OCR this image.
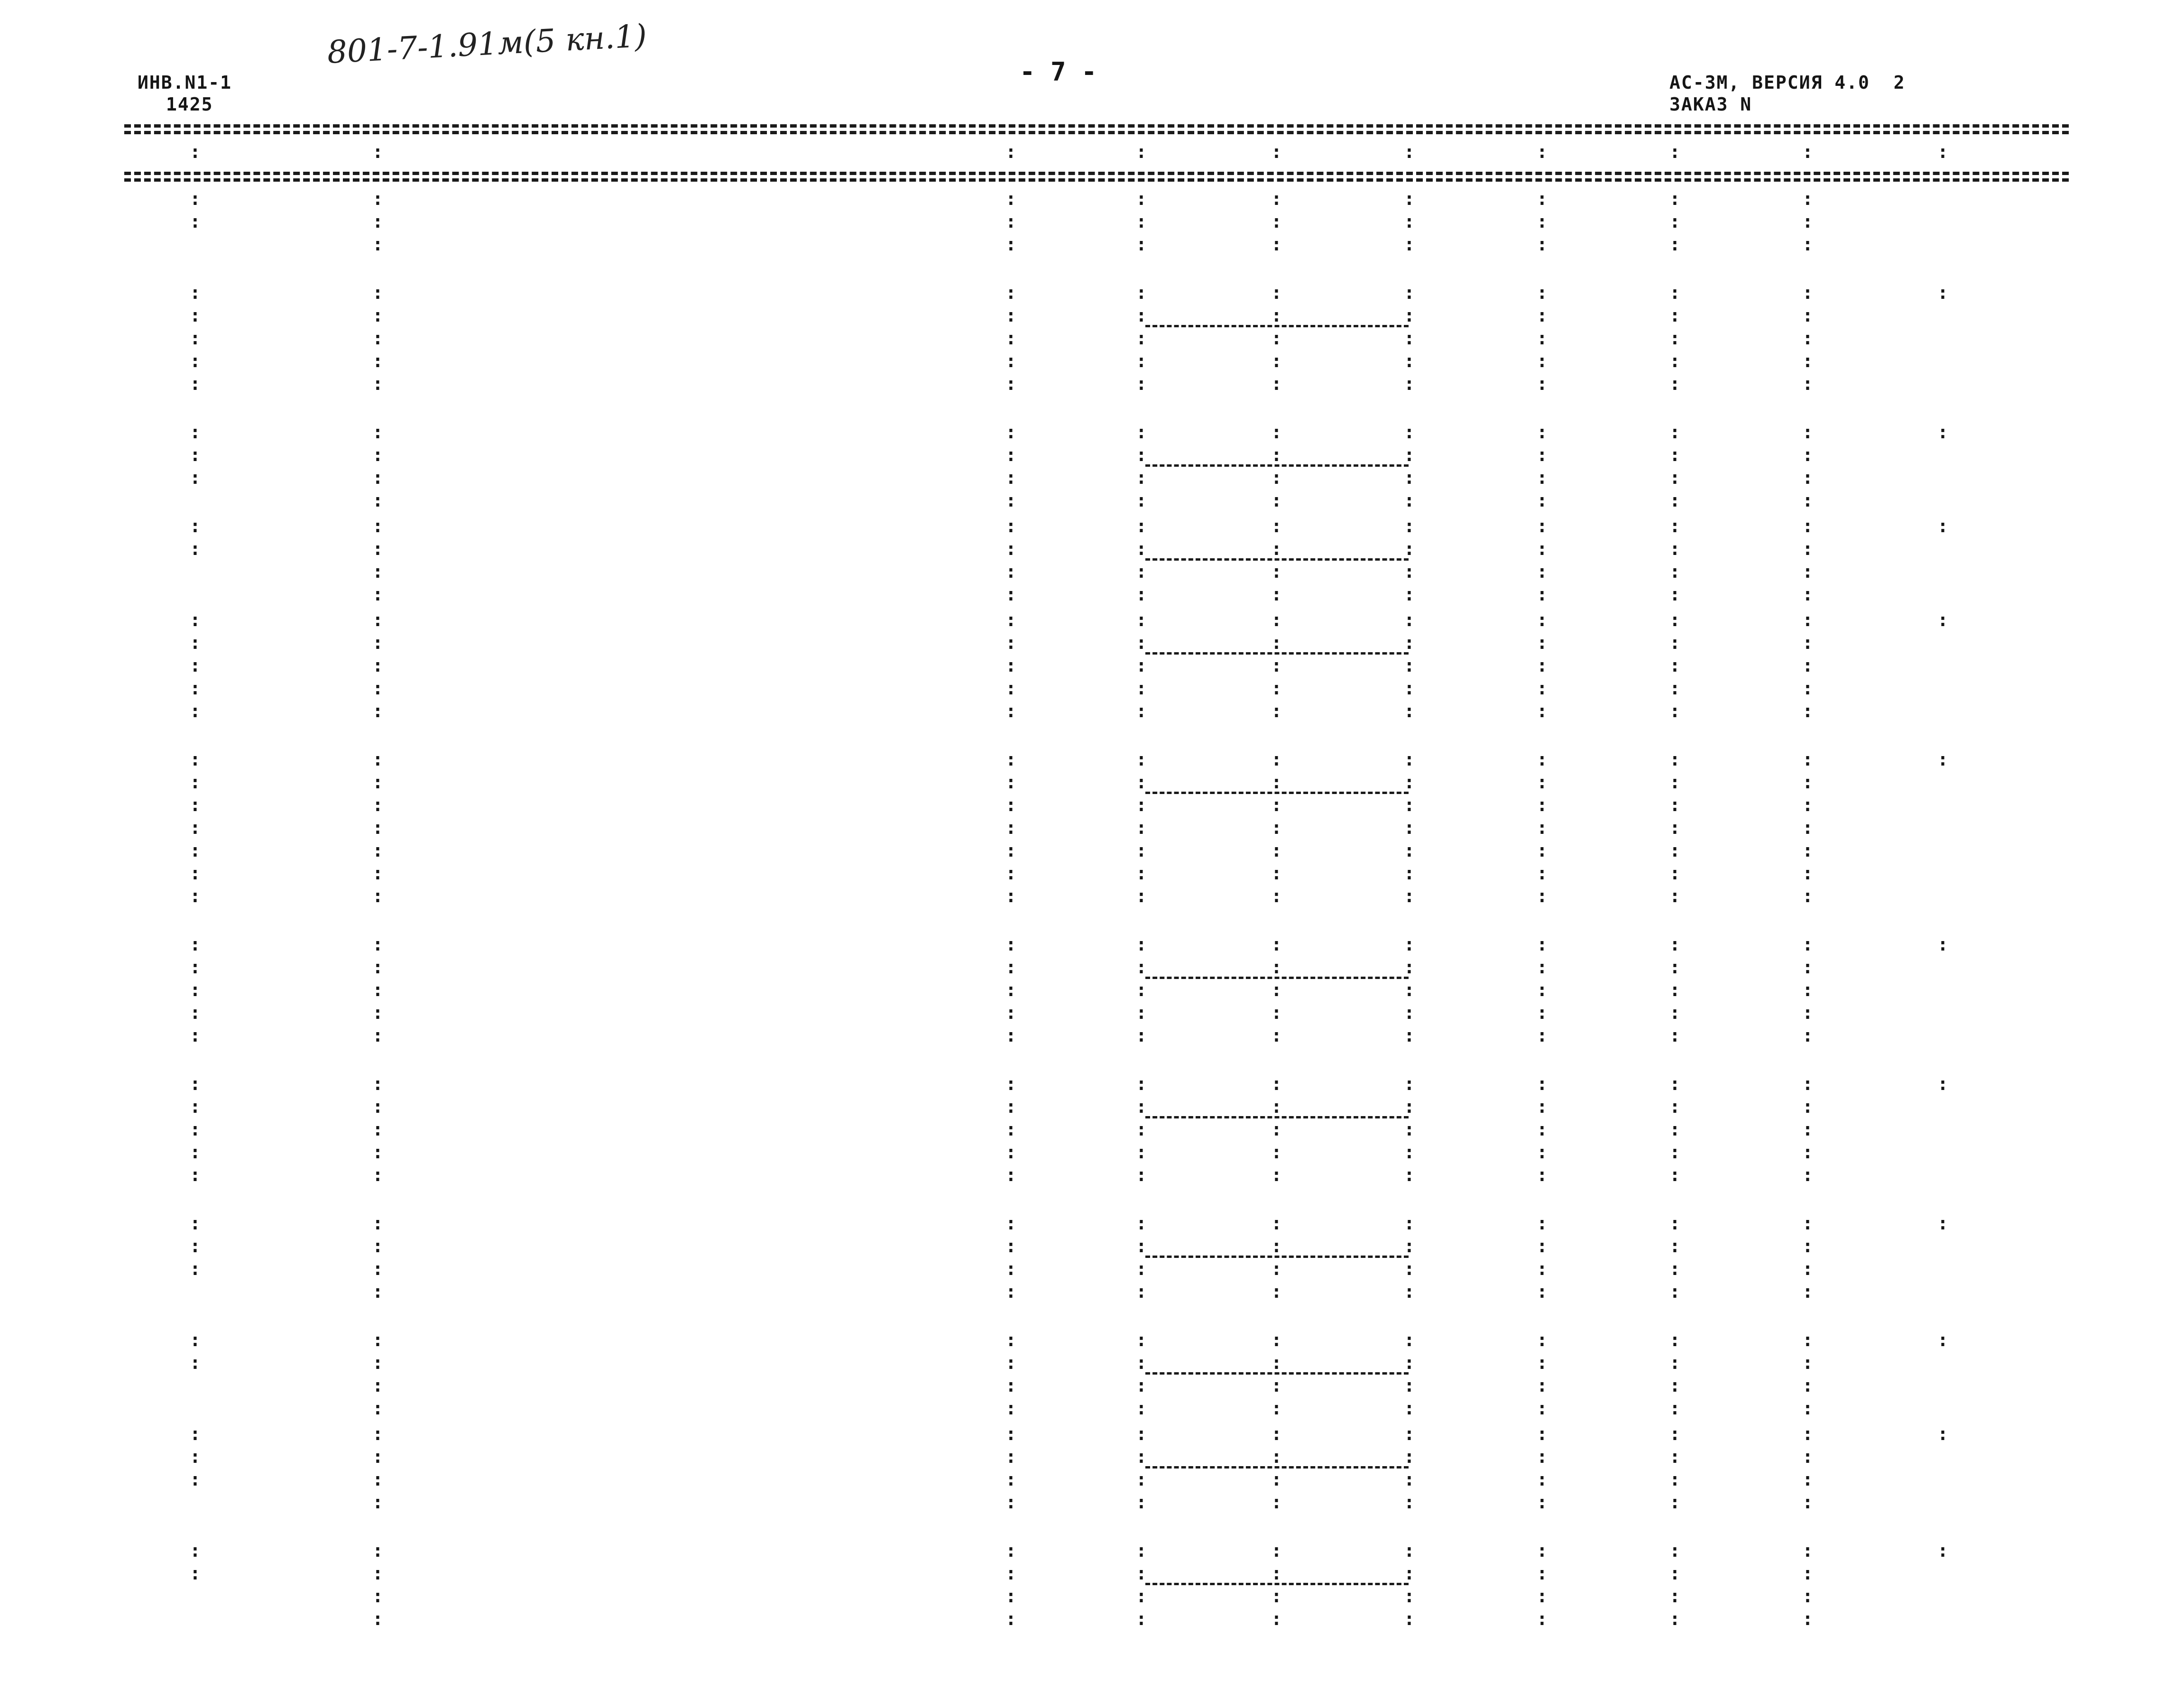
ИНВ.N1-1
1425
801-7-1.91м(5 кн.1)
- 7 -	АС-3М, ВЕРСИЯ 4.0  2
ЗАКАЗ N
:	:	:	:	:	:	:	:	:	:
:
:
:	:	:	:	:	:	:	:
:	:	:	:	:	:	:	:
:	:	:	:	:	:	:	:
:	:	:	:	:	:	:	:	:	:
:
:
:
:
:	:	:	:	:	:	:	:
:	:	:	:	:	:	:	:
:	:	:	:	:	:	:	:
:	:	:	:	:	:	:	:
:	:	:	:	:	:	:	:	:	:
:
:
:	:	:	:	:	:	:	:
:	:	:	:	:	:	:	:
:	:	:	:	:	:	:	:
:	:	:	:	:	:	:	:	:	:
:	:	:	:	:	:	:	:	:
:	:	:	:	:	:	:	:
:	:	:	:	:	:	:	:
:	:	:	:	:	:	:	:	:	:
:
:
:
:
:	:	:	:	:	:	:	:
:	:	:	:	:	:	:	:
:	:	:	:	:	:	:	:
:	:	:	:	:	:	:	:
:	:	:	:	:	:	:	:	:	:
:
:
:
:
:
:
:	:	:	:	:	:	:	:
:	:	:	:	:	:	:	:
:	:	:	:	:	:	:	:
:	:	:	:	:	:	:	:
:	:	:	:	:	:	:	:
:	:	:	:	:	:	:	:
:	:	:	:	:	:	:	:	:	:
:
:
:
:
:	:	:	:	:	:	:	:
:	:	:	:	:	:	:	:
:	:	:	:	:	:	:	:
:	:	:	:	:	:	:	:
:	:	:	:	:	:	:	:	:	:
:
:
:
:
:	:	:	:	:	:	:	:
:	:	:	:	:	:	:	:
:	:	:	:	:	:	:	:
:	:	:	:	:	:	:	:
:	:	:	:	:	:	:	:	:	:
:
:
:	:	:	:	:	:	:	:
:	:	:	:	:	:	:	:
:	:	:	:	:	:	:	:
:	:	:	:	:	:	:	:	:	:
:	:	:	:	:	:	:	:	:
:	:	:	:	:	:	:	:
:	:	:	:	:	:	:	:
:	:	:	:	:	:	:	:	:	:
:
:
:	:	:	:	:	:	:	:
:	:	:	:	:	:	:	:
:	:	:	:	:	:	:	:
:	:	:	:	:	:	:	:	:	:
:	:	:	:	:	:	:	:	:
:	:	:	:	:	:	:	:
:	:	:	:	:	:	:	:
